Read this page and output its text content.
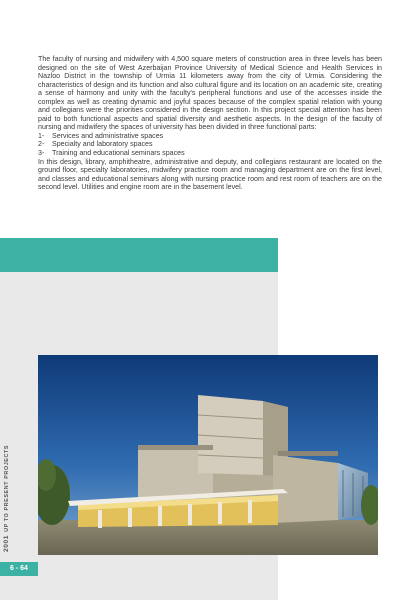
The faculty of nursing and midwifery with 4,500 square meters of construction area in three levels has been designed on the site of West Azerbaijan Province University of Medical Science and Health Services in Nazloo District in the township of Urmia 11 kilometers away from the city of Urmia. Considering the characteristics of design and its function and also cultural figure and its location on an academic site, creating a sense of harmony and unity with the faculty's peripheral functions and use of the accesses inside the complex as well as creating dynamic and joyful spaces because of the complex spatial relation with young and collegians were the priorities considered in the design section. In this project special attention has been paid to both functional aspects and spatial diversity and aesthetic aspects. In the design of the faculty of nursing and midwifery the spaces of university has been divided in three functional parts:

1- Services and administrative spaces
2- Specialty and laboratory spaces
3- Training and educational seminars spaces

In this design, library, amphitheatre, administrative and deputy, and collegians restaurant are located on the ground floor, specialty laboratories, midwifery practice room and managing department are on the first level, and classes and educational seminars along with nursing practice room and rest room of teachers are on the second level. Utilities and engine room are in the basement level.

2001UP TO PRESENT PROJECTS
6 - 64
